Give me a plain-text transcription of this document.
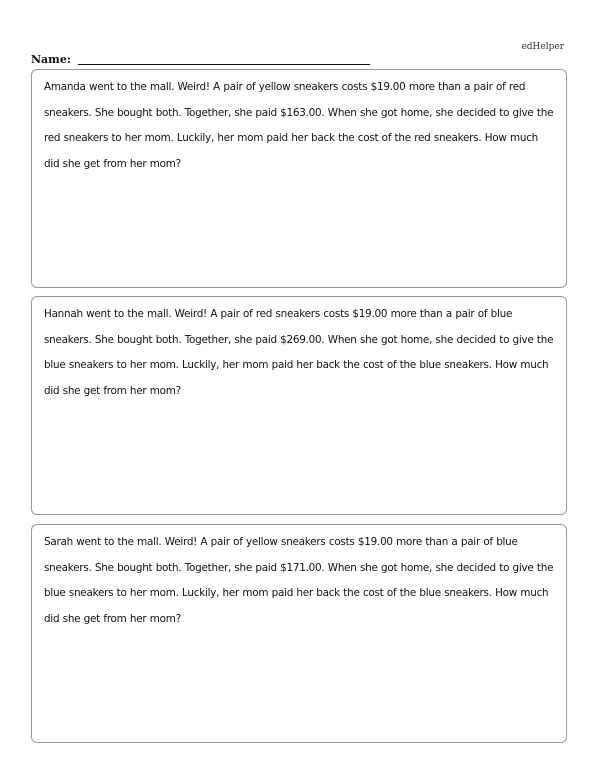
edHelper
Name:

Amanda went to the mall. Weird! A pair of yellow sneakers costs $19.00 more than a pair of red sneakers. She bought both. Together, she paid $163.00. When she got home, she decided to give the red sneakers to her mom. Luckily, her mom paid her back the cost of the red sneakers. How much did she get from her mom?

Hannah went to the mall. Weird! A pair of red sneakers costs $19.00 more than a pair of blue sneakers. She bought both. Together, she paid $269.00. When she got home, she decided to give the blue sneakers to her mom. Luckily, her mom paid her back the cost of the blue sneakers. How much did she get from her mom?

Sarah went to the mall. Weird! A pair of yellow sneakers costs $19.00 more than a pair of blue sneakers. She bought both. Together, she paid $171.00. When she got home, she decided to give the blue sneakers to her mom. Luckily, her mom paid her back the cost of the blue sneakers. How much did she get from her mom?
